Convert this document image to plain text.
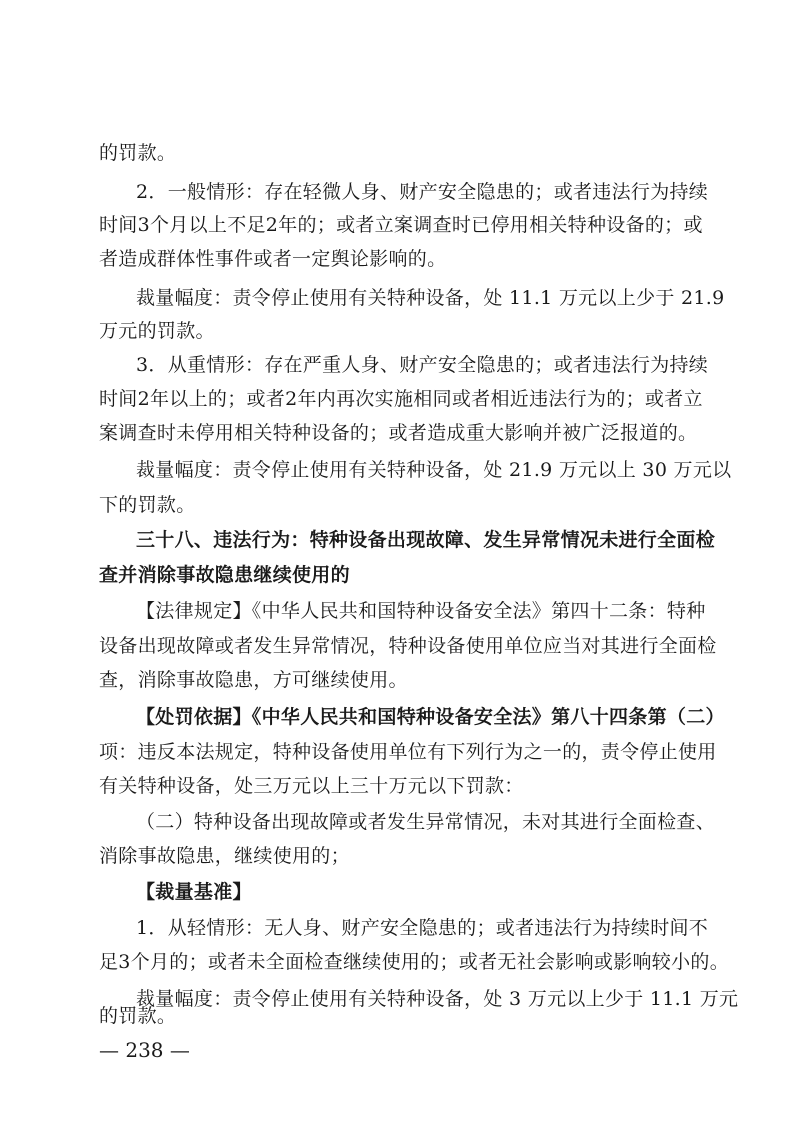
的罚款。
2．一般情形：存在轻微人身、财产安全隐患的；或者违法行为持续
时间3个月以上不足2年的；或者立案调查时已停用相关特种设备的；或
者造成群体性事件或者一定舆论影响的。
裁量幅度：责令停止使用有关特种设备，处 11.1 万元以上少于 21.9
万元的罚款。
3．从重情形：存在严重人身、财产安全隐患的；或者违法行为持续
时间2年以上的；或者2年内再次实施相同或者相近违法行为的；或者立
案调查时未停用相关特种设备的；或者造成重大影响并被广泛报道的。
裁量幅度：责令停止使用有关特种设备，处 21.9 万元以上 30 万元以
下的罚款。
三十八、违法行为：特种设备出现故障、发生异常情况未进行全面检
查并消除事故隐患继续使用的
【法律规定】《中华人民共和国特种设备安全法》第四十二条：特种
设备出现故障或者发生异常情况，特种设备使用单位应当对其进行全面检
查，消除事故隐患，方可继续使用。
【处罚依据】《中华人民共和国特种设备安全法》第八十四条第（二）
项：违反本法规定，特种设备使用单位有下列行为之一的，责令停止使用
有关特种设备，处三万元以上三十万元以下罚款：
（二）特种设备出现故障或者发生异常情况，未对其进行全面检查、
消除事故隐患，继续使用的；
【裁量基准】
1．从轻情形：无人身、财产安全隐患的；或者违法行为持续时间不
足3个月的；或者未全面检查继续使用的；或者无社会影响或影响较小的。
裁量幅度：责令停止使用有关特种设备，处 3 万元以上少于 11.1 万元
的罚款。
— 238 —
